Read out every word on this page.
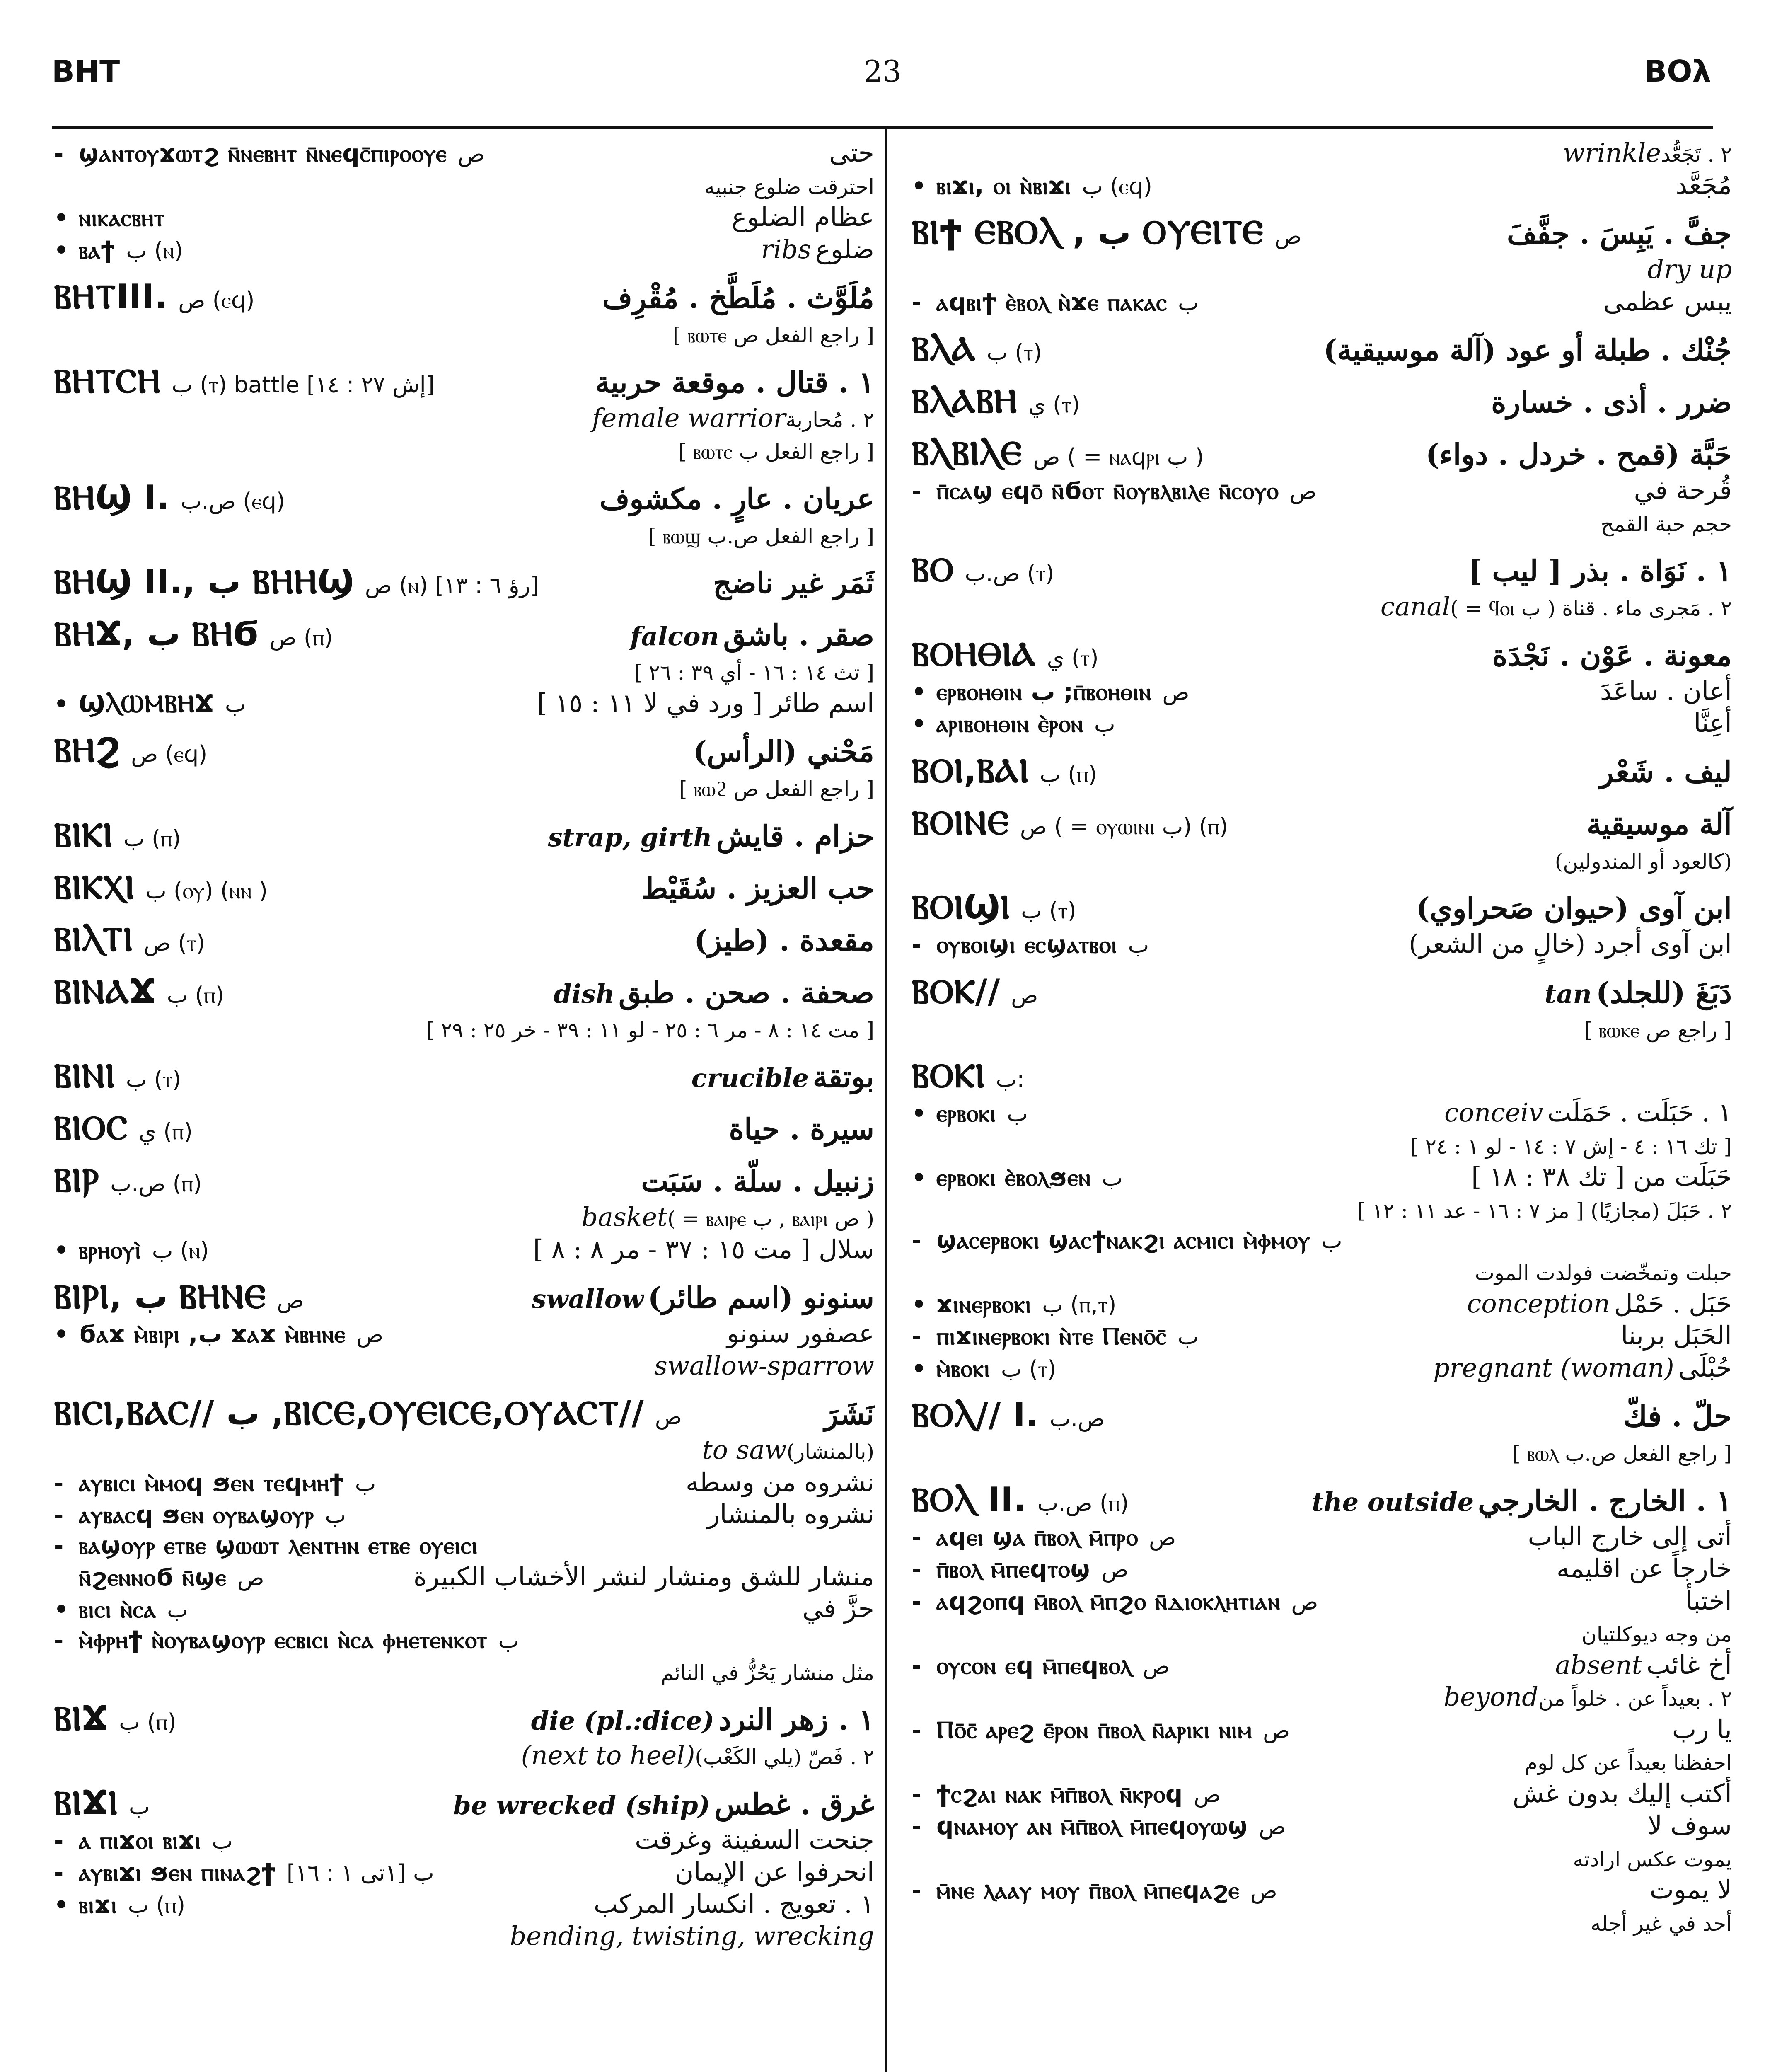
BHT	23	BOλ
- ϣⲁⲛⲧⲟⲩϫⲱⲧϩ ⲛ̄ⲛⲉⲃⲏⲧ ⲛ̄ⲛⲉϥⲥ̄ⲡⲓⲣⲟⲟⲩⲉ ص	حتى
احترقت ضلوع جنبيه
• ⲛⲓⲕⲁⲥⲃⲏⲧ	عظام الضلوع
• ⲃⲁϯ ب (ⲛ)	ضلوعribs
ⲂⲎⲦIII. ص (ⲉϥ)	مُلَوَّث . مُلَطَّخ . مُقْرِف
[ راجع الفعل ص ⲃⲱⲧⲉ ]
ⲂⲎⲦⲤⲎ ب (ⲧ) battle [إش ٢٧ : ١٤]	١ . قتال . موقعة حربية
٢ . مُحاربةfemale warrior
[ راجع الفعل ب ⲃⲱⲧⲥ ]
ⲂⲎϢ I. ص.ب (ⲉϥ)	عريان . عارٍ . مكشوف
[ راجع الفعل ص.ب ⲃⲱϣ ]
ⲂⲎϢ II., ب ⲂⲎⲎϢ ص (ⲛ) [رؤ ٦ : ١٣]	ثَمَر غير ناضج
ⲂⲎϪ, ب ⲂⲎϬ ص (ⲡ)	صقر . باشقfalcon
[ تث ١٤ : ١٦ - أي ٣٩ : ٢٦ ]
• ϢⲖⲰⲘⲂⲎϪ ب	اسم طائر [ ورد في لا ١١ : ١٥ ]
ⲂⲎϨ ص (ⲉϥ)	مَحْني (الرأس)
[ راجع الفعل ص ⲃⲱϩ ]
ⲂⲒⲔⲒ ب (ⲡ)	حزام . قايشstrap, girth
ⲂⲒⲔⲬⲒ ب (ⲟⲩ) (ⲛⲛ )	حب العزيز . سُقَيْط
ⲂⲒⲖⲦⲒ ص (ⲧ)	مقعدة . (طيز)
ⲂⲒⲚⲀϪ ب (ⲡ)	صحفة . صحن . طبقdish
[ مت ١٤ : ٨ - مر ٦ : ٢٥ - لو ١١ : ٣٩ - خر ٢٥ : ٢٩ ]
ⲂⲒⲚⲒ ب (ⲧ)	بوتقةcrucible
ⲂⲒⲞⲤ ي (ⲡ)	سيرة . حياة
ⲂⲒⲢ ص.ب (ⲡ)	زنبيل . سلّة . سَبَت
( ص ⲃⲁⲓⲣⲓ , ب ⲃⲁⲓⲣⲉ = )basket
• ⲃⲣⲏⲟⲩⲓ̀ ب (ⲛ)	سلال [ مت ١٥ : ٣٧ - مر ٨ : ٨ ]
ⲂⲒⲢⲒ, ب ⲂⲎⲚⲈ ص	سنونو (اسم طائر)swallow
• ϭⲁϫ ⲙ̀ⲃⲓⲣⲓ ,ب ϫⲁϫ ⲙ̀ⲃⲏⲛⲉ ص	عصفور سنونو
swallow-sparrow
ⲂⲒⲤⲒ,ⲂⲀⲤ// ب ,ⲂⲒⲤⲈ,ⲞⲨⲈⲒⲤⲈ,ⲞⲨⲀⲤⲦ// ص	نَشَرَ
(بالمنشار)to saw
- ⲁⲩⲃⲓⲥⲓ ⲙ̀ⲙⲟϥ ϧⲉⲛ ⲧⲉϥⲙⲏϯ ب	نشروه من وسطه
- ⲁⲩⲃⲁⲥϥ ϧⲉⲛ ⲟⲩⲃⲁϣⲟⲩⲣ ب	نشروه بالمنشار
- ⲃⲁϣⲟⲩⲣ ⲉⲧⲃⲉ ϣⲱⲱⲧ ⲗⲉⲛⲧⲏⲛ ⲉⲧⲃⲉ ⲟⲩⲉⲓⲥⲓ
ⲛ̄ϩⲉⲛⲛⲟϭ ⲛ̄ϣⲉ ص	منشار للشق ومنشار لنشر الأخشاب الكبيرة
• ⲃⲓⲥⲓ ⲛ̀ⲥⲁ ب	حزَّ في
- ⲙ̀ⲫⲣⲏϯ ⲛ̀ⲟⲩⲃⲁϣⲟⲩⲣ ⲉⲥⲃⲓⲥⲓ ⲛ̀ⲥⲁ ⲫⲏⲉⲧⲉⲛⲕⲟⲧ ب
مثل منشار يَحُزُّ في النائم
ⲂⲒϪ ب (ⲡ)	١ . زهر النردdie (pl.:dice)
٢ . فَصّ (يلي الكَعْب)(next to heel)
ⲂⲒϪⲒ ب	غرق . غطسbe wrecked (ship)
- ⲁ ⲡⲓϫⲟⲓ ⲃⲓϫⲓ ب	جنحت السفينة وغرقت
- ⲁⲩⲃⲓϫⲓ ϧⲉⲛ ⲡⲓⲛⲁϩϯ ب [١تى ١ : ١٦]	انحرفوا عن الإيمان
• ⲃⲓϫⲓ ب (ⲡ)	١ . تعويج . انكسار المركب
bending, twisting, wrecking
٢ . تَجَعُّدwrinkle
• ⲃⲓϫⲓ, ⲟⲓ ⲛ̀ⲃⲓϫⲓ ب (ⲉϥ)	مُجَعَّد
ⲂⲒϮ ⲈⲂⲞⲖ , ب ⲞⲨⲈⲒⲦⲈ ص	جفَّ . يَبِسَ . جفَّفَ
dry up
- ⲁϥⲃⲓϯ ⲉ̀ⲃⲟⲗ ⲛ̀ϫⲉ ⲡⲁⲕⲁⲥ ب	يبس عظمى
ⲂⲖⲀ ب (ⲧ)	جُنْك . طبلة أو عود (آلة موسيقية)
ⲂⲖⲀⲂⲎ ي (ⲧ)	ضرر . أذى . خسارة
ⲂⲖⲂⲒⲖⲈ ص ( = ⲛⲁϥⲣⲓ ب )	حَبَّة (قمح . خردل . دواء)
- ⲡ̄ⲥⲁϣ ⲉϥⲟ̄ ⲛ̄ϭⲟⲧ ⲛ̄ⲟⲩⲃⲗⲃⲓⲗⲉ ⲛ̄ⲥⲟⲩⲟ ص	قُرحة في
حجم حبة القمح
ⲂⲞ ص.ب (ⲧ)	١ . نَوَاة . بذر [ ليب ]
٢ . مَجرى ماء . قناة ( ب ϥⲟⲓ = )canal
ⲂⲞⲎⲐⲒⲀ ي (ⲧ)	معونة . عَوْن . نَجْدَة
• ⲉⲣⲃⲟⲏⲑⲓⲛ ب ;ⲡ̄ⲃⲟⲏⲑⲓⲛ ص	أعان . ساعَدَ
• ⲁⲣⲓⲃⲟⲏⲑⲓⲛ ⲉ̀ⲣⲟⲛ ب	أعِنَّا
ⲂⲞⲒ,ⲂⲀⲒ ب (ⲡ)	ليف . شَعْر
ⲂⲞⲒⲚⲈ ص ( = ⲟⲩⲱⲓⲛⲓ ب) (ⲡ)	آلة موسيقية
(كالعود أو المندولين)
ⲂⲞⲒϢⲒ ب (ⲧ)	ابن آوى (حيوان صَحراوي)
- ⲟⲩⲃⲟⲓϣⲓ ⲉⲥϣⲁⲧⲃⲟⲓ ب	ابن آوى أجرد (خالٍ من الشعر)
ⲂⲞⲔ// ص	دَبَغَ (للجلد)tan
[ راجع ص ⲃⲱⲕⲉ ]
ⲂⲞⲔⲒ ب:
• ⲉⲣⲃⲟⲕⲓ ب	١ . حَبَلَت . حَمَلَتconceiv
[ تك ١٦ : ٤ - إش ٧ : ١٤ - لو ١ : ٢٤ ]
• ⲉⲣⲃⲟⲕⲓ ⲉ̀ⲃⲟⲗϧⲉⲛ ب	حَبَلَت من [ تك ٣٨ : ١٨ ]
٢ . حَبَلَ (مجازيًا) [ مز ٧ : ١٦ - عد ١١ : ١٢ ]
- ϣⲁⲥⲉⲣⲃⲟⲕⲓ ϣⲁⲥϯⲛⲁⲕϩⲓ ⲁⲥⲙⲓⲥⲓ ⲙ̀ⲫⲙⲟⲩ ب
حبلت وتمخّضت فولدت الموت
• ϫⲓⲛⲉⲣⲃⲟⲕⲓ ب (ⲡ,ⲧ)	حَبَل . حَمْلconception
- ⲡⲓϫⲓⲛⲉⲣⲃⲟⲕⲓ ⲛ̀ⲧⲉ Ⲡⲉⲛⲟ̄ⲥ̄ ب	الحَبَل بربنا
• ⲙ̀ⲃⲟⲕⲓ ب (ⲧ)	حُبْلَىpregnant (woman)
ⲂⲞⲖ// I. ص.ب	حلّ . فكّ
[ راجع الفعل ص.ب ⲃⲱⲗ ]
ⲂⲞⲖ II. ص.ب (ⲡ)	١ . الخارج . الخارجيthe outside
- ⲁϥⲉⲓ ϣⲁ ⲡ̄ⲃⲟⲗ ⲙ̄ⲡⲣⲟ ص	أتى إلى خارج الباب
- ⲡ̄ⲃⲟⲗ ⲙ̄ⲡⲉϥⲧⲟϣ ص	خارجاً عن اقليمه
- ⲁϥϩⲟⲡϥ ⲙ̄ⲃⲟⲗ ⲙ̄ⲡϩⲟ ⲛ̄ⲇⲓⲟⲕⲗⲏⲧⲓⲁⲛ ص	اختبأ
من وجه ديوكلتيان
- ⲟⲩⲥⲟⲛ ⲉϥ ⲙ̄ⲡⲉϥⲃⲟⲗ ص	أخ غائبabsent
٢ . بعيداً عن . خلواً منbeyond
- Ⲡⲟ̄ⲥ̄ ⲁⲣⲉϩ ⲉ̄ⲣⲟⲛ ⲡ̄ⲃⲟⲗ ⲛ̄ⲁⲣⲓⲕⲓ ⲛⲓⲙ ص	يا رب
احفظنا بعيداً عن كل لوم
- ϯⲥϩⲁⲓ ⲛⲁⲕ ⲙ̄ⲡ̄ⲃⲟⲗ ⲛ̄ⲕⲣⲟϥ ص	أكتب إليك بدون غش
- ϥⲛⲁⲙⲟⲩ ⲁⲛ ⲙ̄ⲡ̄ⲃⲟⲗ ⲙ̄ⲡⲉϥⲟⲩⲱϣ ص	سوف لا
يموت عكس ارادته
- ⲙ̄ⲛⲉ ⲗⲁⲁⲩ ⲙⲟⲩ ⲡ̄ⲃⲟⲗ ⲙ̄ⲡⲉϥⲁϩⲉ ص	لا يموت
أحد في غير أجله
